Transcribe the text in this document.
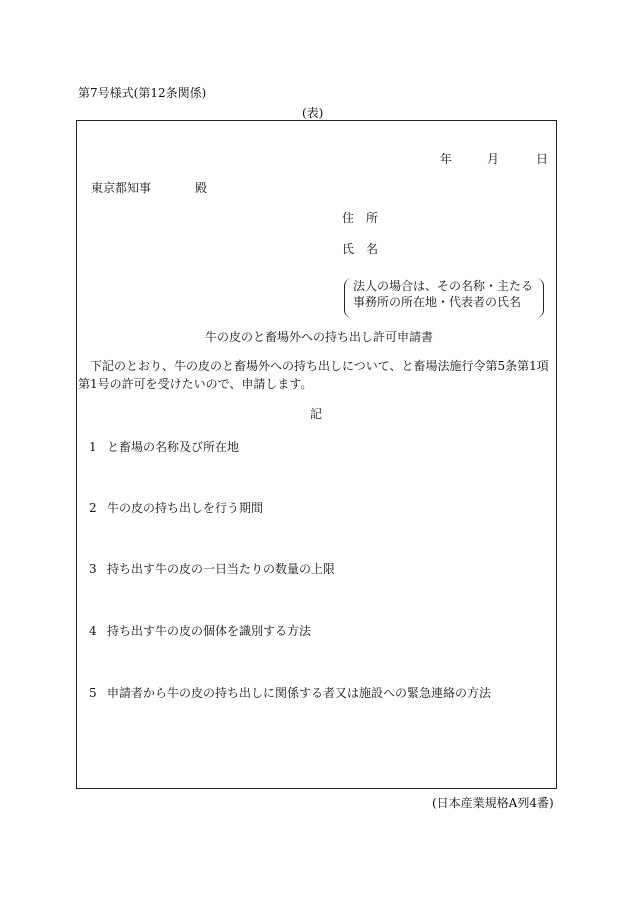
第7号様式(第12条関係)
(表)
年	月	日
東京都知事	殿
住所
氏名
法人の場合は、その名称・主たる
事務所の所在地・代表者の氏名
牛の皮のと畜場外への持ち出し許可申請書
下記のとおり、牛の皮のと畜場外への持ち出しについて、と畜場法施行令第5条第1項第1号の許可を受けたいので、申請します。
記
1 と畜場の名称及び所在地
2 牛の皮の持ち出しを行う期間
3 持ち出す牛の皮の一日当たりの数量の上限
4 持ち出す牛の皮の個体を識別する方法
5 申請者から牛の皮の持ち出しに関係する者又は施設への緊急連絡の方法
(日本産業規格A列4番)
